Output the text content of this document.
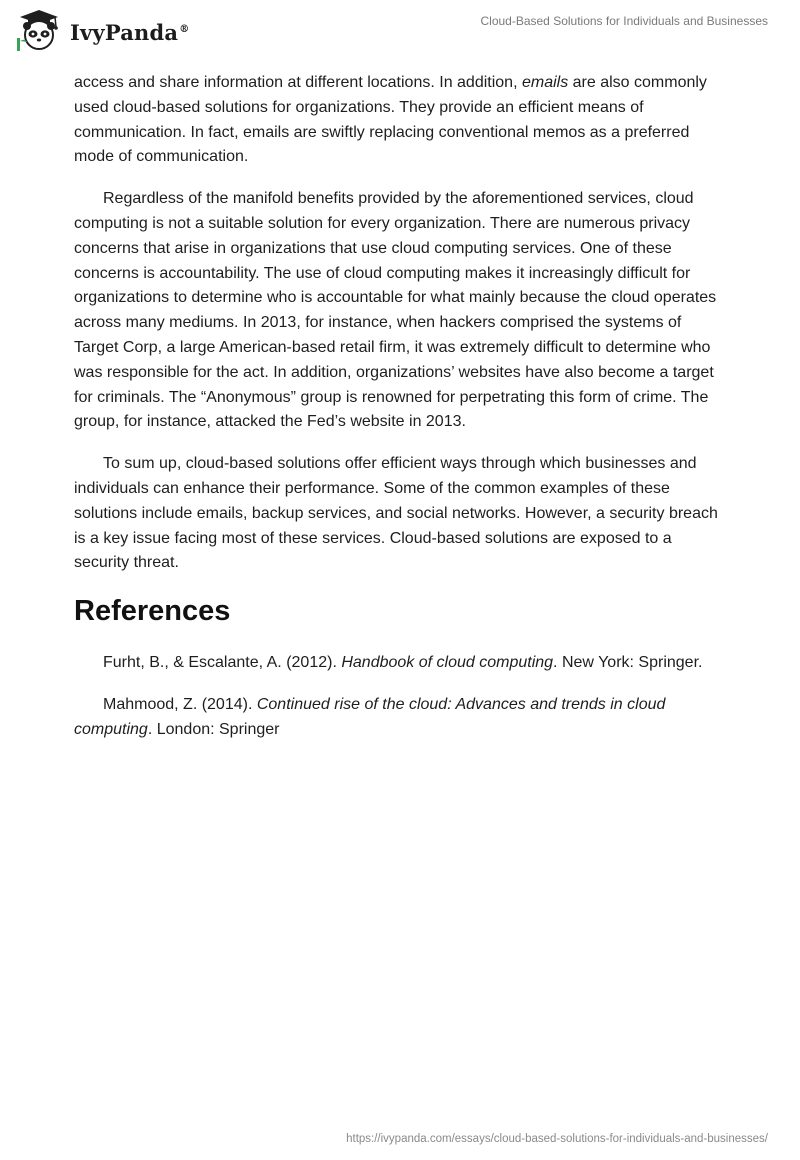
IvyPanda®
Cloud-Based Solutions for Individuals and Businesses

access and share information at different locations. In addition, emails are also commonly used cloud-based solutions for organizations. They provide an efficient means of communication. In fact, emails are swiftly replacing conventional memos as a preferred mode of communication.

Regardless of the manifold benefits provided by the aforementioned services, cloud computing is not a suitable solution for every organization. There are numerous privacy concerns that arise in organizations that use cloud computing services. One of these concerns is accountability. The use of cloud computing makes it increasingly difficult for organizations to determine who is accountable for what mainly because the cloud operates across many mediums. In 2013, for instance, when hackers comprised the systems of Target Corp, a large American-based retail firm, it was extremely difficult to determine who was responsible for the act. In addition, organizations’ websites have also become a target for criminals. The “Anonymous” group is renowned for perpetrating this form of crime. The group, for instance, attacked the Fed’s website in 2013.

To sum up, cloud-based solutions offer efficient ways through which businesses and individuals can enhance their performance. Some of the common examples of these solutions include emails, backup services, and social networks. However, a security breach is a key issue facing most of these services. Cloud-based solutions are exposed to a security threat.

References

Furht, B., & Escalante, A. (2012). Handbook of cloud computing. New York: Springer.

Mahmood, Z. (2014). Continued rise of the cloud: Advances and trends in cloud computing. London: Springer

https://ivypanda.com/essays/cloud-based-solutions-for-individuals-and-businesses/
